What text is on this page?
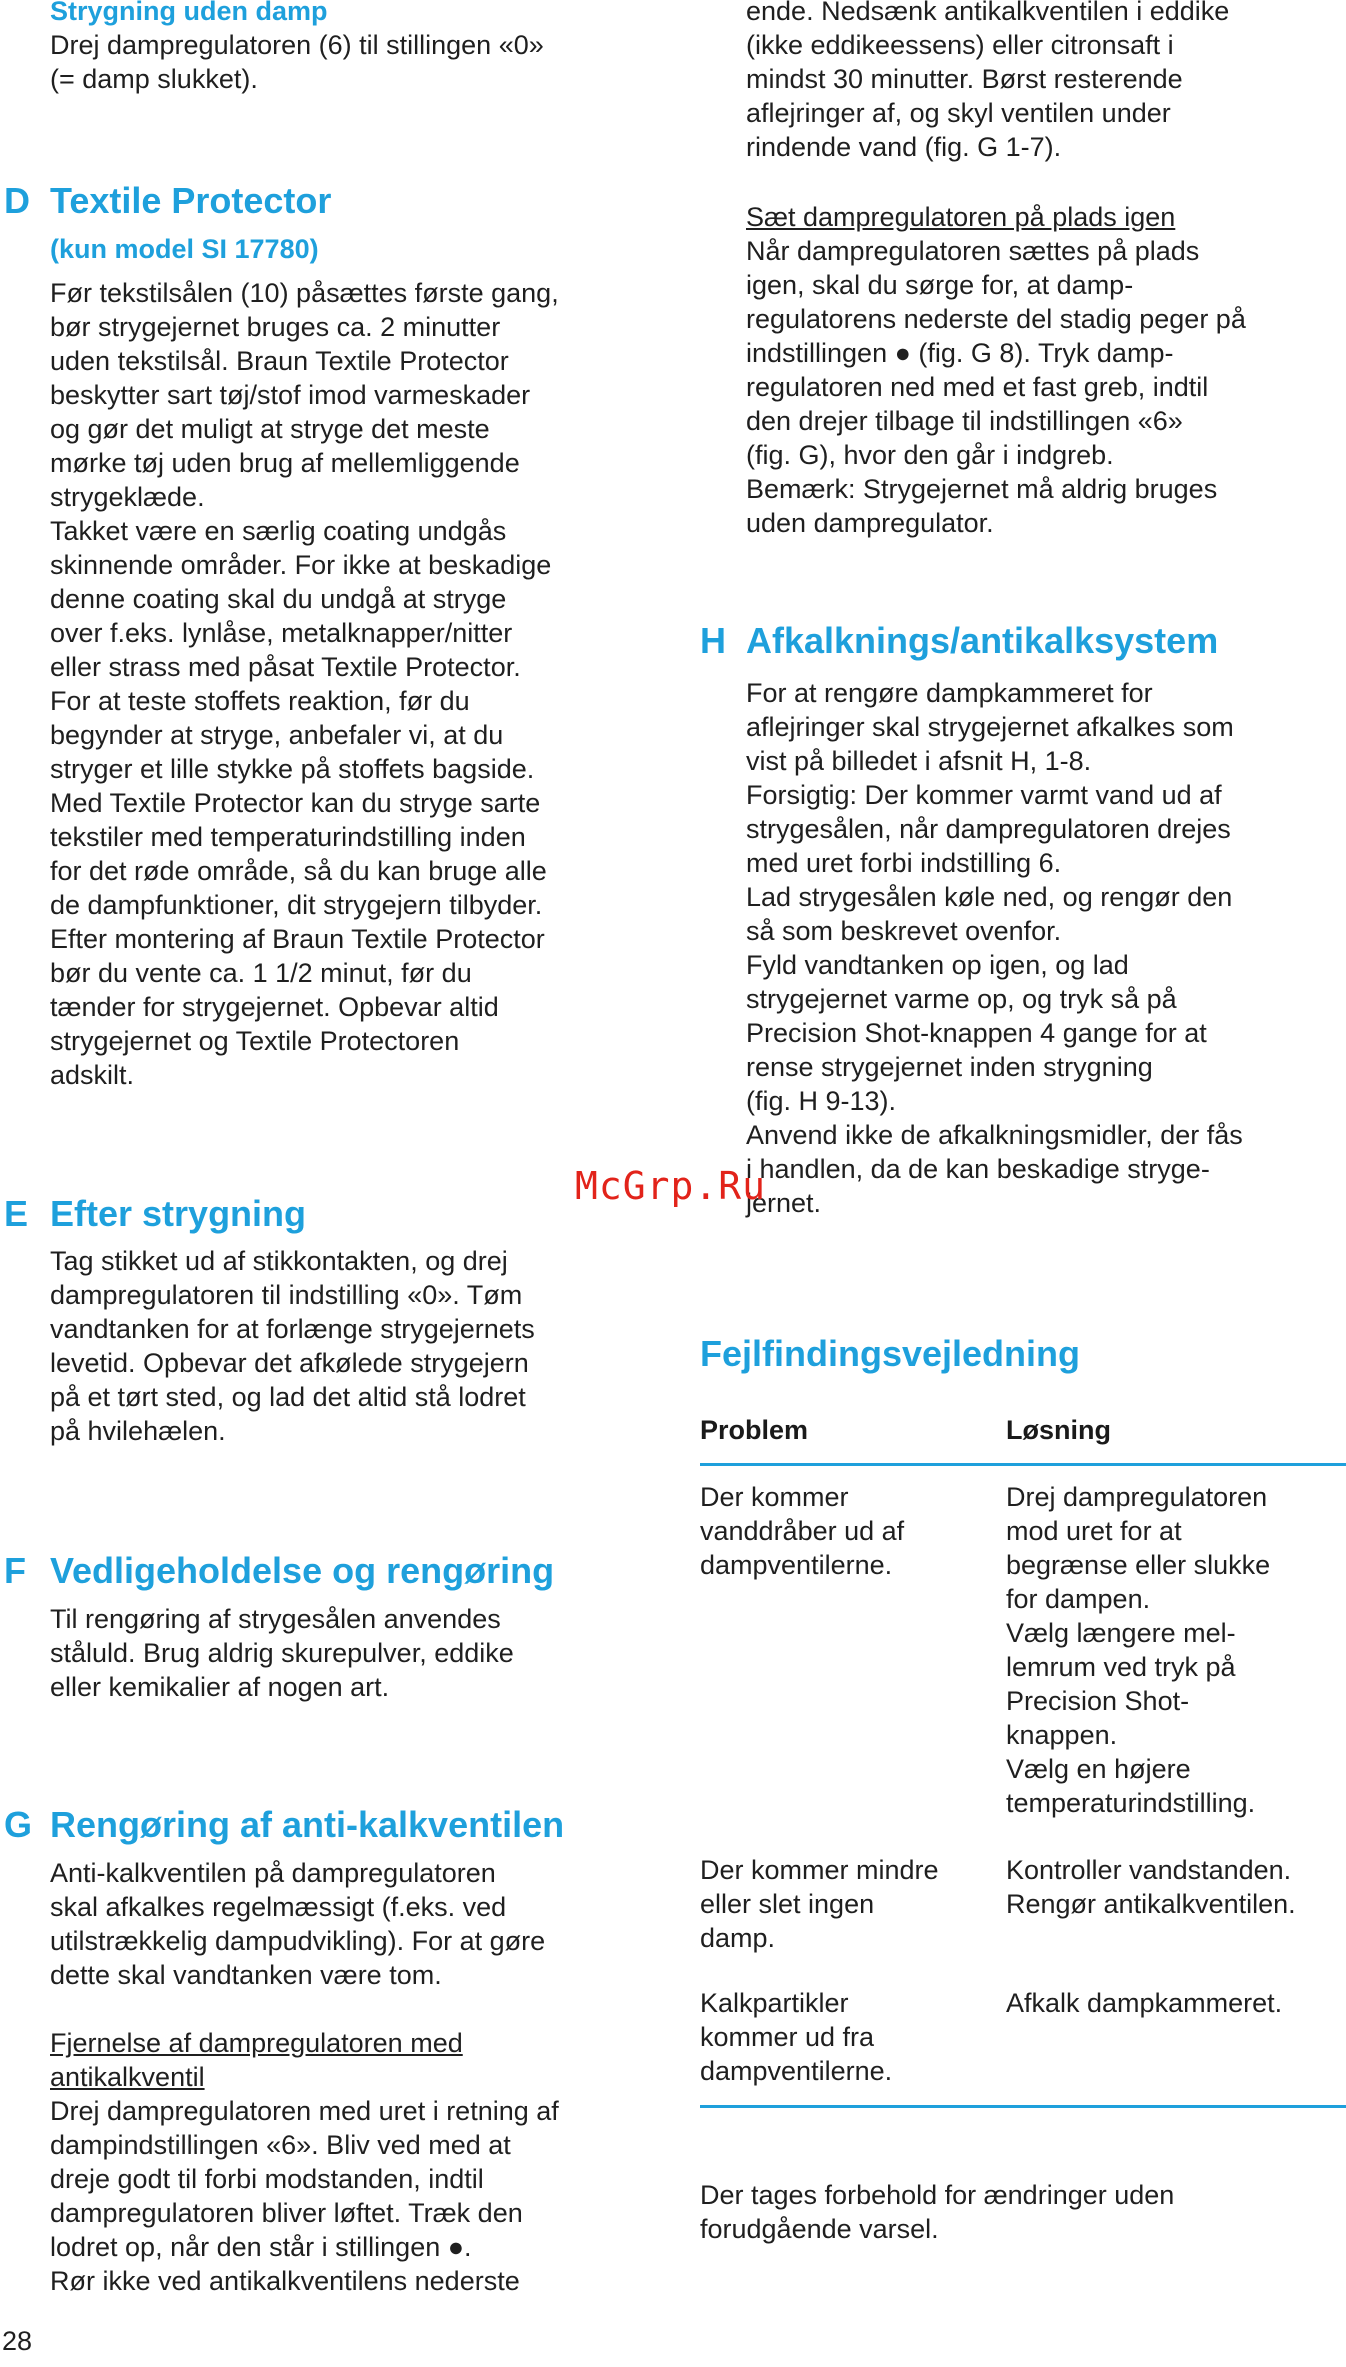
Strygning uden damp
Drej dampregulatoren (6) til stillingen «0»
(= damp slukket).
D Textile Protector
(kun model SI 17780)
Før tekstilsålen (10) påsættes første gang,
bør strygejernet bruges ca. 2 minutter
uden tekstilsål. Braun Textile Protector
beskytter sart tøj/stof imod varmeskader
og gør det muligt at stryge det meste
mørke tøj uden brug af mellemliggende
strygeklæde.
Takket være en særlig coating undgås
skinnende områder. For ikke at beskadige
denne coating skal du undgå at stryge
over f.eks. lynlåse, metalknapper/nitter
eller strass med påsat Textile Protector.
For at teste stoffets reaktion, før du
begynder at stryge, anbefaler vi, at du
stryger et lille stykke på stoffets bagside.
Med Textile Protector kan du stryge sarte
tekstiler med temperaturindstilling inden
for det røde område, så du kan bruge alle
de dampfunktioner, dit strygejern tilbyder.
Efter montering af Braun Textile Protector
bør du vente ca. 1 1/2 minut, før du
tænder for strygejernet. Opbevar altid
strygejernet og Textile Protectoren
adskilt.
E Efter strygning
Tag stikket ud af stikkontakten, og drej
dampregulatoren til indstilling «0». Tøm
vandtanken for at forlænge strygejernets
levetid. Opbevar det afkølede strygejern
på et tørt sted, og lad det altid stå lodret
på hvilehælen.
F Vedligeholdelse og rengøring
Til rengøring af strygesålen anvendes
ståluld. Brug aldrig skurepulver, eddike
eller kemikalier af nogen art.
G Rengøring af anti-kalkventilen
Anti-kalkventilen på dampregulatoren
skal afkalkes regelmæssigt (f.eks. ved
utilstrækkelig dampudvikling). For at gøre
dette skal vandtanken være tom.
Fjernelse af dampregulatoren med
antikalkventil
Drej dampregulatoren med uret i retning af
dampindstillingen «6». Bliv ved med at
dreje godt til forbi modstanden, indtil
dampregulatoren bliver løftet. Træk den
lodret op, når den står i stillingen ●.
Rør ikke ved antikalkventilens nederste
28
ende. Nedsænk antikalkventilen i eddike
(ikke eddikeessens) eller citronsaft i
mindst 30 minutter. Børst resterende
aflejringer af, og skyl ventilen under
rindende vand (fig. G 1-7).
Sæt dampregulatoren på plads igen
Når dampregulatoren sættes på plads
igen, skal du sørge for, at damp-
regulatorens nederste del stadig peger på
indstillingen ● (fig. G 8). Tryk damp-
regulatoren ned med et fast greb, indtil
den drejer tilbage til indstillingen «6»
(fig. G), hvor den går i indgreb.
Bemærk: Strygejernet må aldrig bruges
uden dampregulator.
H Afkalknings/antikalksystem
For at rengøre dampkammeret for
aflejringer skal strygejernet afkalkes som
vist på billedet i afsnit H, 1-8.
Forsigtig: Der kommer varmt vand ud af
strygesålen, når dampregulatoren drejes
med uret forbi indstilling 6.
Lad strygesålen køle ned, og rengør den
så som beskrevet ovenfor.
Fyld vandtanken op igen, og lad
strygejernet varme op, og tryk så på
Precision Shot-knappen 4 gange for at
rense strygejernet inden strygning
(fig. H 9-13).
Anvend ikke de afkalkningsmidler, der fås
i handlen, da de kan beskadige stryge-
jernet.
Fejlfindingsvejledning
Problem	Løsning
Der kommer
vanddråber ud af
dampventilerne.
Drej dampregulatoren
mod uret for at
begrænse eller slukke
for dampen.
Vælg længere mel-
lemrum ved tryk på
Precision Shot-
knappen.
Vælg en højere
temperaturindstilling.
Der kommer mindre
eller slet ingen
damp.
Kontroller vandstanden.
Rengør antikalkventilen.
Kalkpartikler
kommer ud fra
dampventilerne.
Afkalk dampkammeret.
Der tages forbehold for ændringer uden
forudgående varsel.
McGrp.Ru
